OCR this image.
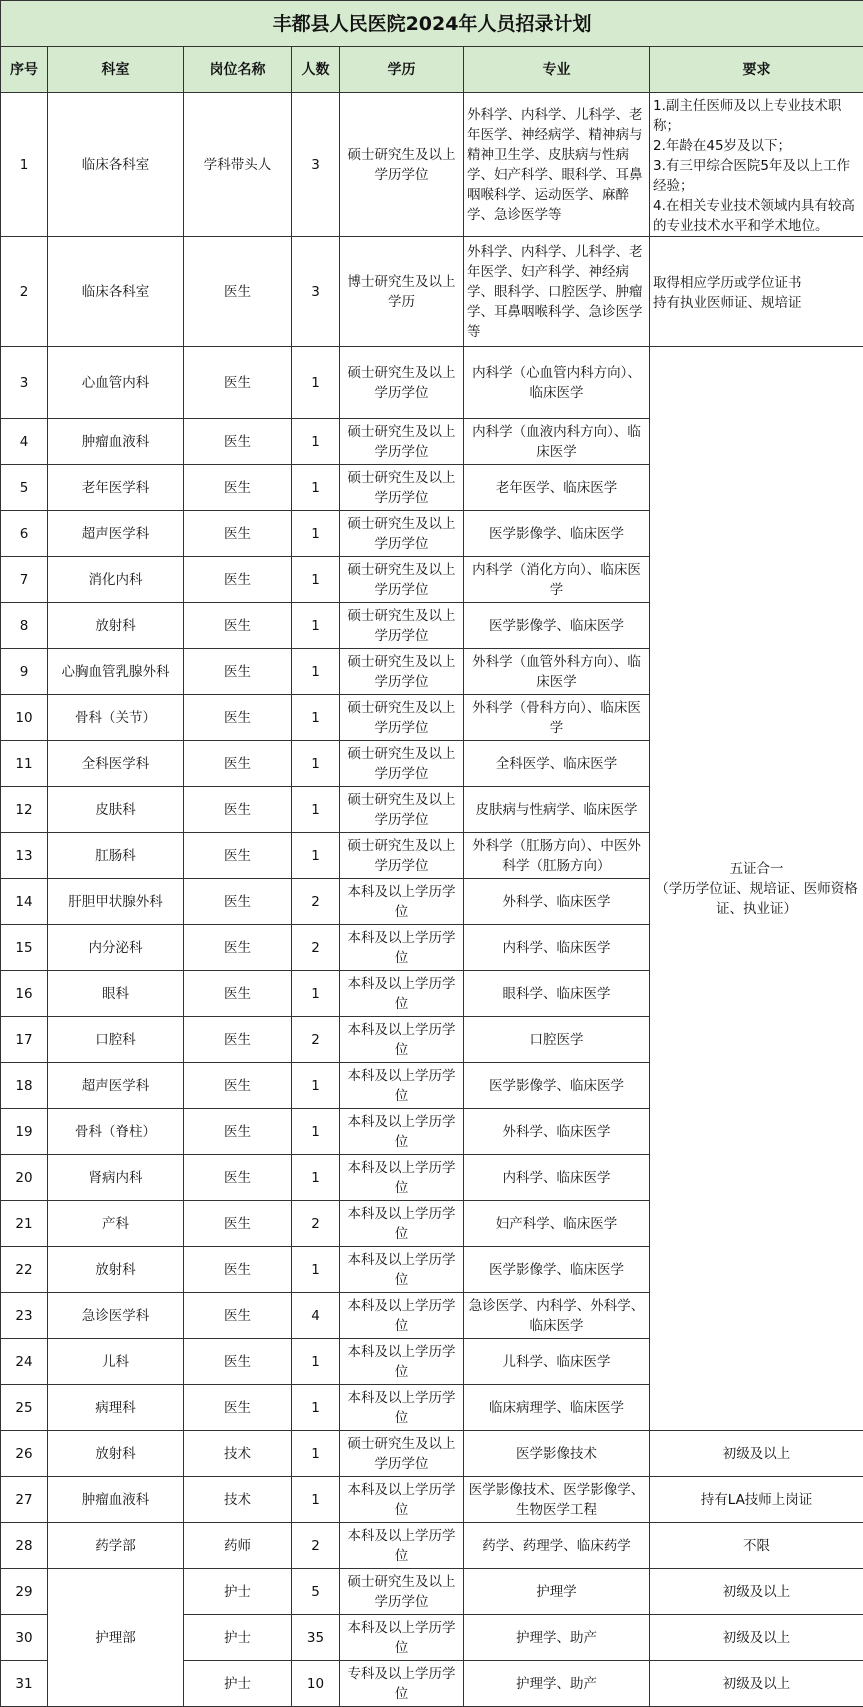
丰都县人民医院2024年人员招录计划						
序号	科室	岗位名称	人数	学历	专业	要求
1	临床各科室	学科带头人	3	硕士研究生及以上学历学位	外科学、内科学、儿科学、老年医学、神经病学、精神病与精神卫生学、皮肤病与性病学、妇产科学、眼科学、耳鼻咽喉科学、运动医学、麻醉学、急诊医学等	1.副主任医师及以上专业技术职称；
2.年龄在45岁及以下；
3.有三甲综合医院5年及以上工作经验；
4.在相关专业技术领域内具有较高的专业技术水平和学术地位。
2	临床各科室	医生	3	博士研究生及以上学历	外科学、内科学、儿科学、老年医学、妇产科学、神经病学、眼科学、口腔医学、肿瘤学、耳鼻咽喉科学、急诊医学等	取得相应学历或学位证书
持有执业医师证、规培证
3	心血管内科	医生	1	硕士研究生及以上学历学位	内科学（心血管内科方向）、临床医学	五证合一
（学历学位证、规培证、医师资格证、执业证）

4	肿瘤血液科	医生	1	硕士研究生及以上学历学位	内科学（血液内科方向）、临床医学	
5	老年医学科	医生	1	硕士研究生及以上学历学位	老年医学、临床医学	
6	超声医学科	医生	1	硕士研究生及以上学历学位	医学影像学、临床医学	
7	消化内科	医生	1	硕士研究生及以上学历学位	内科学（消化方向）、临床医学	
8	放射科	医生	1	硕士研究生及以上学历学位	医学影像学、临床医学	
9	心胸血管乳腺外科	医生	1	硕士研究生及以上学历学位	外科学（血管外科方向）、临床医学	
10	骨科（关节）	医生	1	硕士研究生及以上学历学位	外科学（骨科方向）、临床医学	
11	全科医学科	医生	1	硕士研究生及以上学历学位	全科医学、临床医学	
12	皮肤科	医生	1	硕士研究生及以上学历学位	皮肤病与性病学、临床医学	
13	肛肠科	医生	1	硕士研究生及以上学历学位	外科学（肛肠方向）、中医外科学（肛肠方向）	
14	肝胆甲状腺外科	医生	2	本科及以上学历学位	外科学、临床医学	
15	内分泌科	医生	2	本科及以上学历学位	内科学、临床医学	
16	眼科	医生	1	本科及以上学历学位	眼科学、临床医学	
17	口腔科	医生	2	本科及以上学历学位	口腔医学	
18	超声医学科	医生	1	本科及以上学历学位	医学影像学、临床医学	
19	骨科（脊柱）	医生	1	本科及以上学历学位	外科学、临床医学	
20	肾病内科	医生	1	本科及以上学历学位	内科学、临床医学	
21	产科	医生	2	本科及以上学历学位	妇产科学、临床医学	
22	放射科	医生	1	本科及以上学历学位	医学影像学、临床医学	
23	急诊医学科	医生	4	本科及以上学历学位	急诊医学、内科学、外科学、临床医学	
24	儿科	医生	1	本科及以上学历学位	儿科学、临床医学	
25	病理科	医生	1	本科及以上学历学位	临床病理学、临床医学	
26	放射科	技术	1	硕士研究生及以上学历学位	医学影像技术	初级及以上
27	肿瘤血液科	技术	1	本科及以上学历学位	医学影像技术、医学影像学、生物医学工程	持有LA技师上岗证
28	药学部	药师	2	本科及以上学历学位	药学、药理学、临床药学	不限
29	护理部	护士	5	硕士研究生及以上学历学位	护理学	初级及以上
30		护士	35	本科及以上学历学位	护理学、助产	初级及以上
31		护士	10	专科及以上学历学位	护理学、助产	初级及以上
